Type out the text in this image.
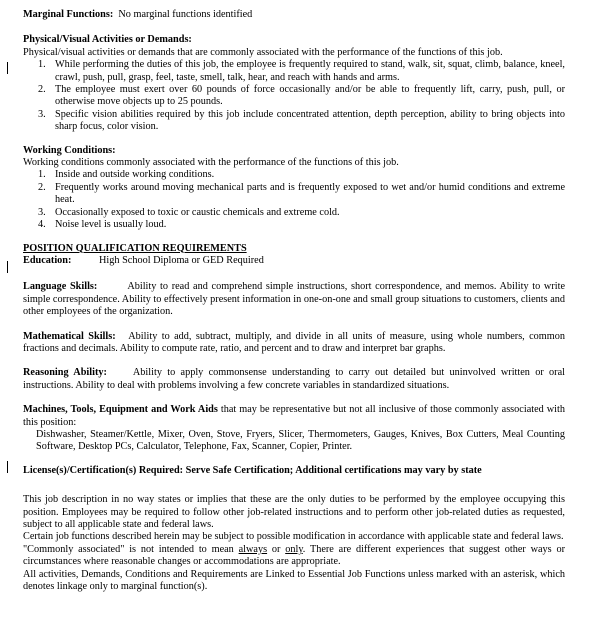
Marginal Functions: No marginal functions identified
Physical/Visual Activities or Demands:
Physical/visual activities or demands that are commonly associated with the performance of the functions of this job.
1. While performing the duties of this job, the employee is frequently required to stand, walk, sit, squat, climb, balance, kneel, crawl, push, pull, grasp, feel, taste, smell, talk, hear, and reach with hands and arms.
2. The employee must exert over 60 pounds of force occasionally and/or be able to frequently lift, carry, push, pull, or otherwise move objects up to 25 pounds.
3. Specific vision abilities required by this job include concentrated attention, depth perception, ability to bring objects into sharp focus, color vision.
Working Conditions:
Working conditions commonly associated with the performance of the functions of this job.
1. Inside and outside working conditions.
2. Frequently works around moving mechanical parts and is frequently exposed to wet and/or humid conditions and extreme heat.
3. Occasionally exposed to toxic or caustic chemicals and extreme cold.
4. Noise level is usually loud.
POSITION QUALIFICATION REQUIREMENTS
Education:	High School Diploma or GED Required
Language Skills:	Ability to read and comprehend simple instructions, short correspondence, and memos. Ability to write simple correspondence. Ability to effectively present information in one-on-one and small group situations to customers, clients and other employees of the organization.
Mathematical Skills: Ability to add, subtract, multiply, and divide in all units of measure, using whole numbers, common fractions and decimals. Ability to compute rate, ratio, and percent and to draw and interpret bar graphs.
Reasoning Ability:	Ability to apply commonsense understanding to carry out detailed but uninvolved written or oral instructions. Ability to deal with problems involving a few concrete variables in standardized situations.
Machines, Tools, Equipment and Work Aids that may be representative but not all inclusive of those commonly associated with this position:
Dishwasher, Steamer/Kettle, Mixer, Oven, Stove, Fryers, Slicer, Thermometers, Gauges, Knives, Box Cutters, Meal Counting Software, Desktop PCs, Calculator, Telephone, Fax, Scanner, Copier, Printer.
License(s)/Certification(s) Required: Serve Safe Certification; Additional certifications may vary by state
This job description in no way states or implies that these are the only duties to be performed by the employee occupying this position. Employees may be required to follow other job-related instructions and to perform other job-related duties as requested, subject to all applicable state and federal laws.
Certain job functions described herein may be subject to possible modification in accordance with applicable state and federal laws.
"Commonly associated" is not intended to mean always or only. There are different experiences that suggest other ways or circumstances where reasonable changes or accommodations are appropriate.
All activities, Demands, Conditions and Requirements are Linked to Essential Job Functions unless marked with an asterisk, which denotes linkage only to marginal function(s).
